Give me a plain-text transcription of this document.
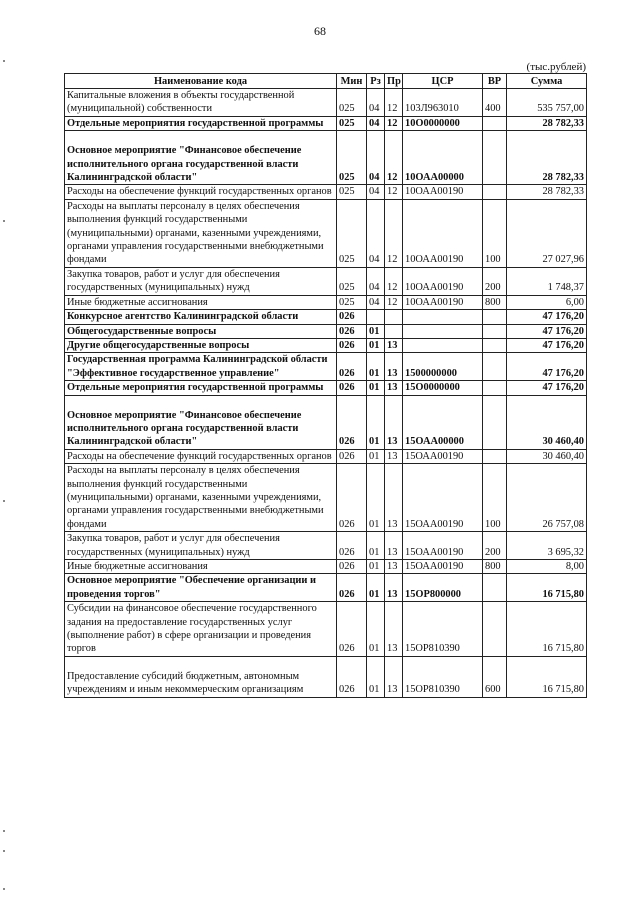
68
(тыс.рублей)
Наименование кода	Мин	Рз	Пр	ЦСР	ВР	Сумма
Капитальные вложения в объекты государственной (муниципальной) собственности	025	04	12	103Л963010	400	535 757,00
Отдельные мероприятия государственной программы	025	04	12	10О0000000		28 782,33
Основное мероприятие "Финансовое обеспечение исполнительного органа государственной власти Калининградской области"	025	04	12	10ОАА00000		28 782,33
Расходы на обеспечение функций государственных органов	025	04	12	10ОАА00190		28 782,33
Расходы на выплаты персоналу в целях обеспечения выполнения функций государственными (муниципальными) органами, казенными учреждениями, органами управления государственными внебюджетными фондами	025	04	12	10ОАА00190	100	27 027,96
Закупка товаров, работ и услуг для обеспечения государственных (муниципальных) нужд	025	04	12	10ОАА00190	200	1 748,37
Иные бюджетные ассигнования	025	04	12	10ОАА00190	800	6,00
Конкурсное агентство Калининградской области	026					47 176,20
Общегосударственные вопросы	026	01				47 176,20
Другие общегосударственные вопросы	026	01	13			47 176,20
Государственная программа Калининградской области "Эффективное государственное управление"	026	01	13	1500000000		47 176,20
Отдельные мероприятия государственной программы	026	01	13	15О0000000		47 176,20
Основное мероприятие "Финансовое обеспечение исполнительного органа государственной власти Калининградской области"	026	01	13	15ОАА00000		30 460,40
Расходы на обеспечение функций государственных органов	026	01	13	15ОАА00190		30 460,40
Расходы на выплаты персоналу в целях обеспечения выполнения функций государственными (муниципальными) органами, казенными учреждениями, органами управления государственными внебюджетными фондами	026	01	13	15ОАА00190	100	26 757,08
Закупка товаров, работ и услуг для обеспечения государственных (муниципальных) нужд	026	01	13	15ОАА00190	200	3 695,32
Иные бюджетные ассигнования	026	01	13	15ОАА00190	800	8,00
Основное мероприятие "Обеспечение организации и проведения торгов"	026	01	13	15ОР800000		16 715,80
Субсидии на финансовое обеспечение государственного задания на предоставление государственных услуг (выполнение работ) в сфере организации и проведения торгов	026	01	13	15ОР810390		16 715,80
Предоставление субсидий бюджетным, автономным учреждениям и иным некоммерческим организациям	026	01	13	15ОР810390	600	16 715,80
